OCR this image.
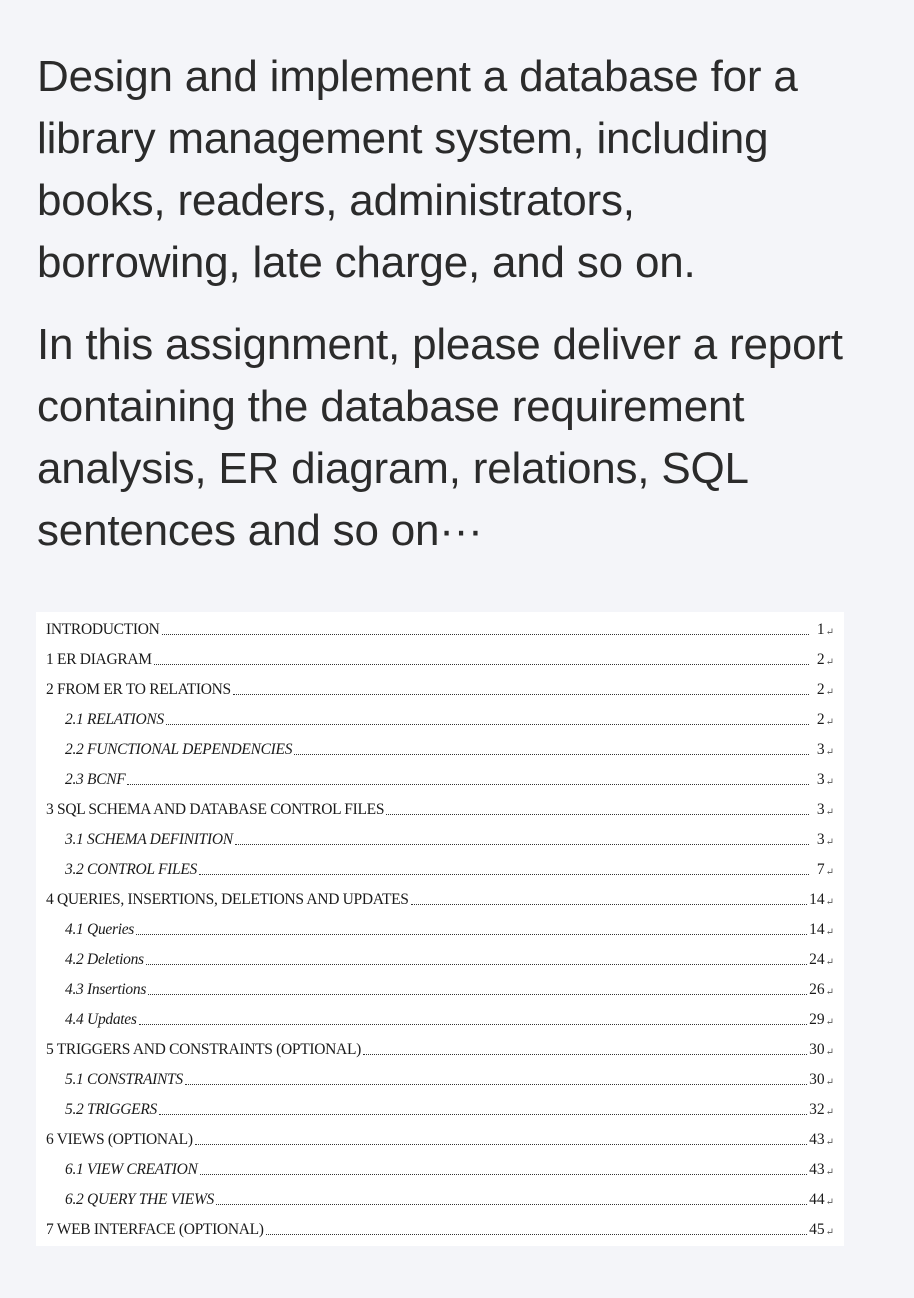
Design and implement a database for a
library management system, including
books, readers, administrators,
borrowing, late charge, and so on.

In this assignment, please deliver a report
containing the database requirement
analysis, ER diagram, relations, SQL
sentences and so on···

INTRODUCTION	1 ↵
1 ER DIAGRAM	2 ↵
2 FROM ER TO RELATIONS	2 ↵
2.1 RELATIONS	2 ↵
2.2 FUNCTIONAL DEPENDENCIES	3 ↵
2.3 BCNF	3 ↵
3 SQL SCHEMA AND DATABASE CONTROL FILES	3 ↵
3.1 SCHEMA DEFINITION	3 ↵
3.2 CONTROL FILES	7 ↵
4 QUERIES, INSERTIONS, DELETIONS AND UPDATES	14 ↵
4.1 Queries	14 ↵
4.2 Deletions	24 ↵
4.3 Insertions	26 ↵
4.4 Updates	29 ↵
5 TRIGGERS AND CONSTRAINTS (OPTIONAL)	30 ↵
5.1 CONSTRAINTS	30 ↵
5.2 TRIGGERS	32 ↵
6 VIEWS (OPTIONAL)	43 ↵
6.1 VIEW CREATION	43 ↵
6.2 QUERY THE VIEWS	44 ↵
7 WEB INTERFACE (OPTIONAL)	45 ↵
